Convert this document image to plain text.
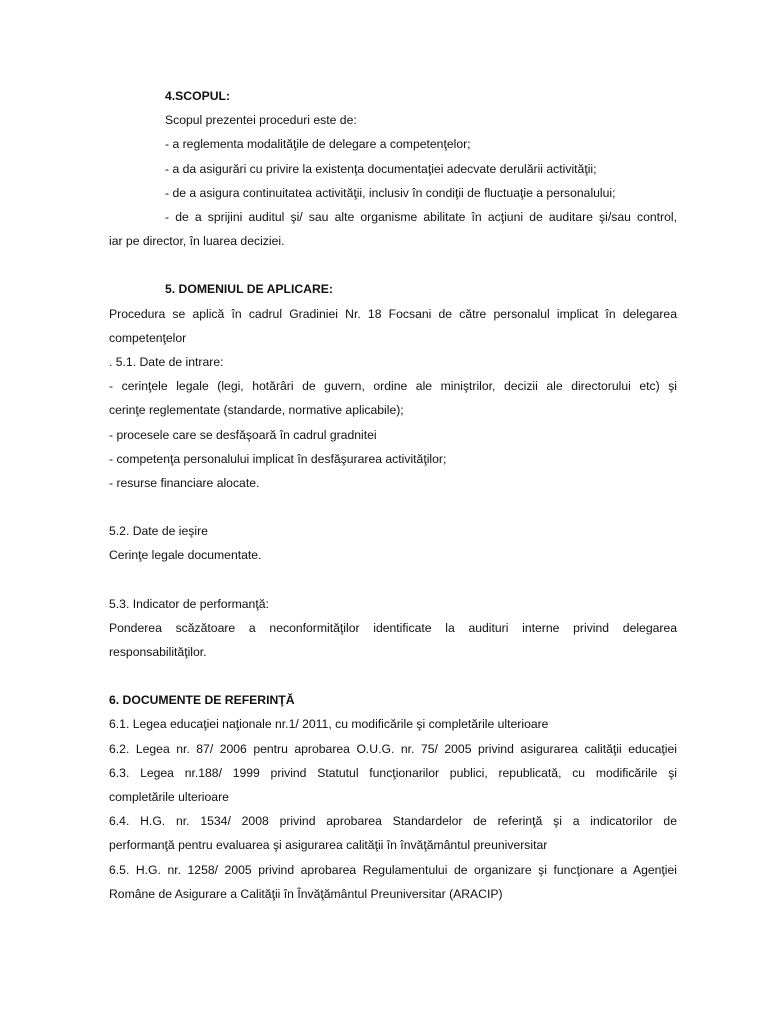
4.SCOPUL:
Scopul prezentei proceduri este de:
- a reglementa modalităţile de delegare a competenţelor;
- a da asigurări cu privire la existenţa documentaţiei adecvate derulării activităţii;
- de a asigura continuitatea activităţii, inclusiv în condiţii de fluctuaţie a personalului;
- de a sprijini auditul şi/ sau alte organisme abilitate în acţiuni de auditare şi/sau control,
iar pe director, în luarea deciziei.
5. DOMENIUL DE APLICARE:
Procedura se aplică în cadrul Gradiniei Nr. 18 Focsani de către personalul implicat în delegarea
competenţelor
. 5.1. Date de intrare:
- cerinţele legale (legi, hotărâri de guvern, ordine ale miniştrilor, decizii ale directorului etc) şi
cerinţe reglementate (standarde, normative aplicabile);
- procesele care se desfăşoară în cadrul gradnitei
- competenţa personalului implicat în desfăşurarea activităţilor;
- resurse financiare alocate.
5.2. Date de ieşire
Cerinţe legale documentate.
5.3. Indicator de performanţă:
Ponderea scăzătoare a neconformităţilor identificate la audituri interne privind delegarea
responsabilităţilor.
6. DOCUMENTE DE REFERINŢĂ
6.1. Legea educaţiei naţionale nr.1/ 2011, cu modificările şi completările ulterioare
6.2. Legea nr. 87/ 2006 pentru aprobarea O.U.G. nr. 75/ 2005 privind asigurarea calităţii educaţiei
6.3. Legea nr.188/ 1999 privind Statutul funcţionarilor publici, republicată, cu modificările şi
completările ulterioare
6.4. H.G. nr. 1534/ 2008 privind aprobarea Standardelor de referinţă şi a indicatorilor de
performanţă pentru evaluarea şi asigurarea calităţii în învăţământul preuniversitar
6.5. H.G. nr. 1258/ 2005 privind aprobarea Regulamentului de organizare şi funcţionare a Agenţiei
Române de Asigurare a Calităţii în Învăţământul Preuniversitar (ARACIP)
